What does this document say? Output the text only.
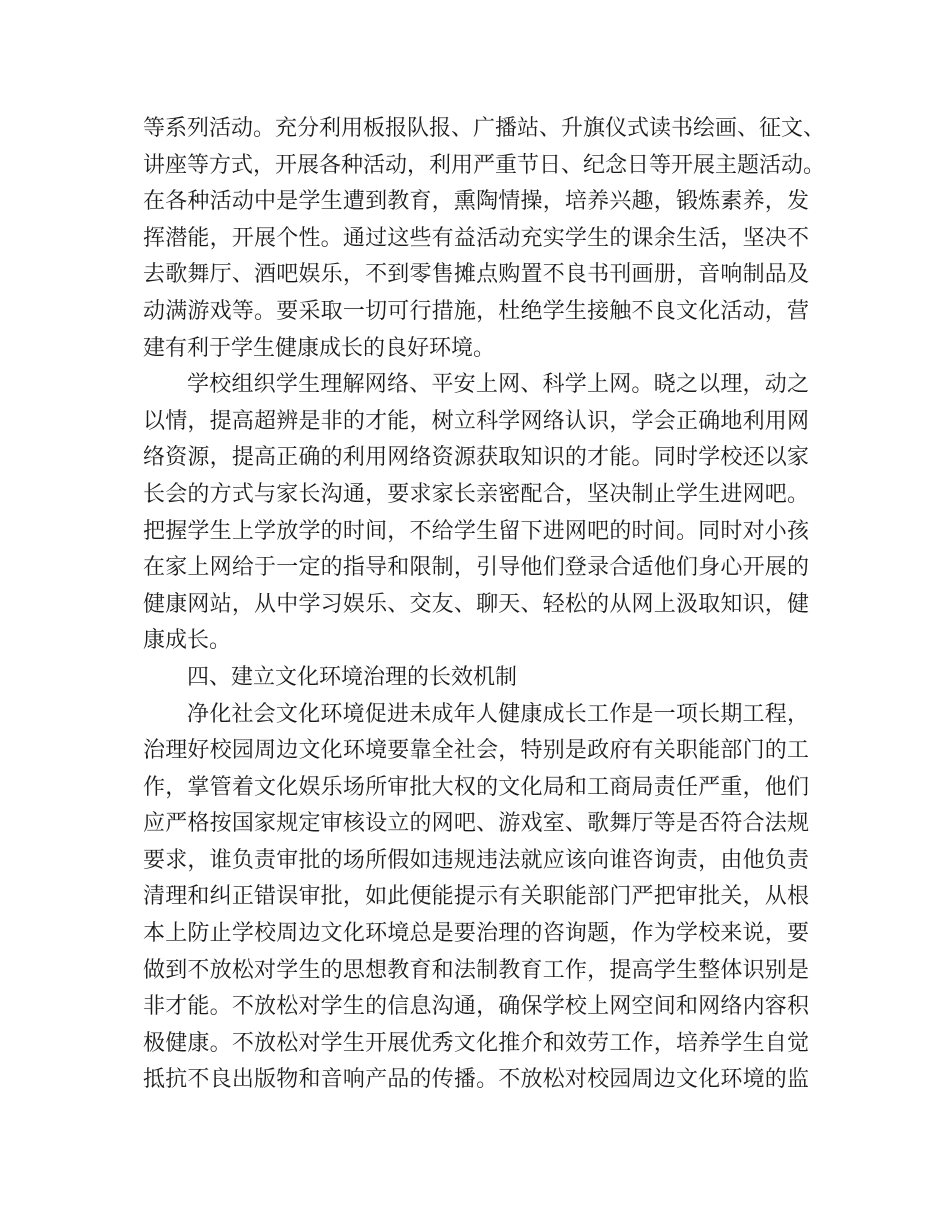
等系列活动。充分利用板报队报、广播站、升旗仪式读书绘画、征文、
讲座等方式，开展各种活动，利用严重节日、纪念日等开展主题活动。
在各种活动中是学生遭到教育，熏陶情操，培养兴趣，锻炼素养，发
挥潜能，开展个性。通过这些有益活动充实学生的课余生活，坚决不
去歌舞厅、酒吧娱乐，不到零售摊点购置不良书刊画册，音响制品及
动满游戏等。要采取一切可行措施，杜绝学生接触不良文化活动，营
建有利于学生健康成长的良好环境。
学校组织学生理解网络、平安上网、科学上网。晓之以理，动之
以情，提高超辨是非的才能，树立科学网络认识，学会正确地利用网
络资源，提高正确的利用网络资源获取知识的才能。同时学校还以家
长会的方式与家长沟通，要求家长亲密配合，坚决制止学生进网吧。
把握学生上学放学的时间，不给学生留下进网吧的时间。同时对小孩
在家上网给于一定的指导和限制，引导他们登录合适他们身心开展的
健康网站，从中学习娱乐、交友、聊天、轻松的从网上汲取知识，健
康成长。
四、建立文化环境治理的长效机制
净化社会文化环境促进未成年人健康成长工作是一项长期工程，
治理好校园周边文化环境要靠全社会，特别是政府有关职能部门的工
作，掌管着文化娱乐场所审批大权的文化局和工商局责任严重，他们
应严格按国家规定审核设立的网吧、游戏室、歌舞厅等是否符合法规
要求，谁负责审批的场所假如违规违法就应该向谁咨询责，由他负责
清理和纠正错误审批，如此便能提示有关职能部门严把审批关，从根
本上防止学校周边文化环境总是要治理的咨询题，作为学校来说，要
做到不放松对学生的思想教育和法制教育工作，提高学生整体识别是
非才能。不放松对学生的信息沟通，确保学校上网空间和网络内容积
极健康。不放松对学生开展优秀文化推介和效劳工作，培养学生自觉
抵抗不良出版物和音响产品的传播。不放松对校园周边文化环境的监
